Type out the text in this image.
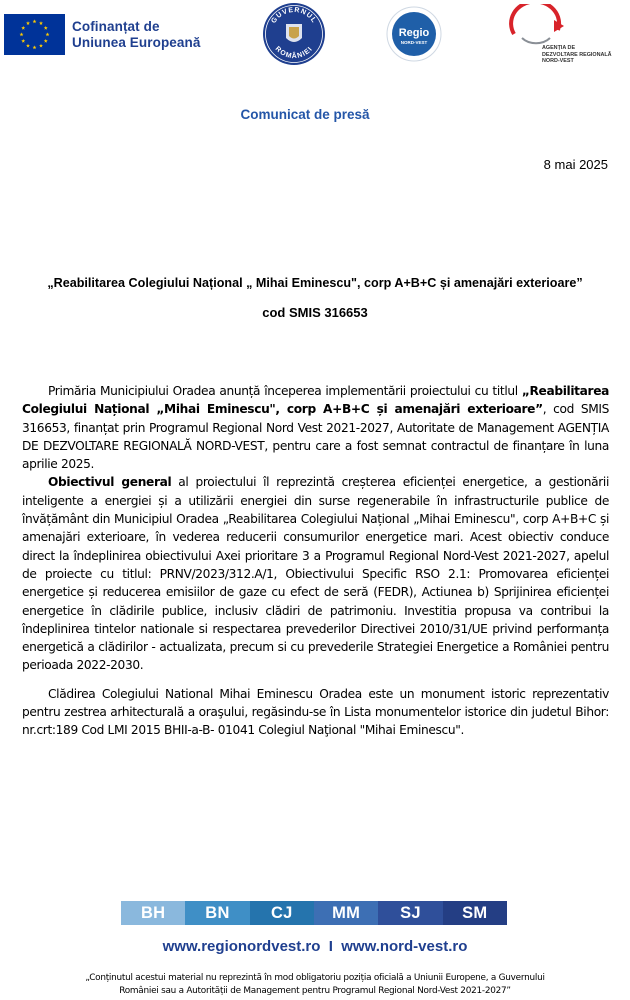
Cofinanțat de
Uniunea Europeană
GUVERNUL
ROMÂNIEI
Regio
NORD-VEST
AGENȚIA DE
DEZVOLTARE REGIONALĂ
NORD-VEST
Comunicat de presă
8 mai 2025
„Reabilitarea Colegiului Național „ Mihai Eminescu", corp A+B+C și amenajări exterioare”
cod SMIS 316653

Primăria Municipiului Oradea anunță începerea implementării proiectului cu titlul „Reabilitarea Colegiului Național „Mihai Eminescu", corp A+B+C și amenajări exterioare”, cod SMIS 316653, finanțat prin Programul Regional Nord Vest 2021-2027, Autoritate de Management AGENȚIA DE DEZVOLTARE REGIONALĂ NORD-VEST, pentru care a fost semnat contractul de finanțare în luna aprilie 2025.

Obiectivul general al proiectului îl reprezintă creșterea eficienței energetice, a gestionării inteligente a energiei și a utilizării energiei din surse regenerabile în infrastructurile publice de învățământ din Municipiul Oradea „Reabilitarea Colegiului Național „Mihai Eminescu", corp A+B+C și amenajări exterioare, în vederea reducerii consumurilor energetice mari. Acest obiectiv conduce direct la îndeplinirea obiectivului Axei prioritare 3 a Programul Regional Nord-Vest 2021-2027, apelul de proiecte cu titlul: PRNV/2023/312.A/1, Obiectivului Specific RSO 2.1: Promovarea eficienței energetice și reducerea emisiilor de gaze cu efect de seră (FEDR), Actiunea b) Sprijinirea eficienței energetice în clădirile publice, inclusiv clădiri de patrimoniu. Investitia propusa va contribui la îndeplinirea tintelor nationale si respectarea prevederilor Directivei 2010/31/UE privind performanța energetică a clădirilor - actualizata, precum si cu prevederile Strategiei Energetice a României pentru perioada 2022-2030.

Clădirea Colegiului National Mihai Eminescu Oradea este un monument istoric reprezentativ pentru zestrea arhitecturală a oraşului, regăsindu-se în Lista monumentelor istorice din judetul Bihor: nr.crt:189 Cod LMI 2015 BHII-a-B- 01041 Colegiul Naţional "Mihai Eminescu".

BH BN	CJ MM SJ	SM
www.regionordvest.ro  I  www.nord-vest.ro
„Conținutul acestui material nu reprezintă în mod obligatoriu poziția oficială a Uniunii Europene, a Guvernului
României sau a Autorității de Management pentru Programul Regional Nord-Vest 2021-2027”
